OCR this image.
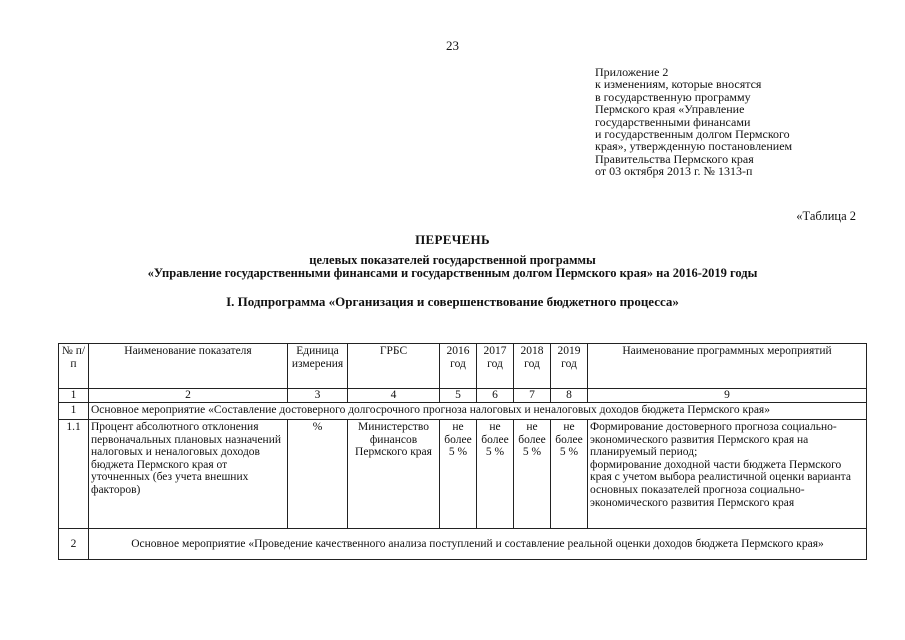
23
Приложение 2
к изменениям, которые вносятся
в государственную программу
Пермского края «Управление
государственными финансами
и государственным долгом Пермского
края», утвержденную постановлением
Правительства Пермского края
от 03 октября 2013 г. № 1313-п
«Таблица 2
ПЕРЕЧЕНЬ
целевых показателей государственной программы
«Управление государственными финансами и государственным долгом Пермского края» на 2016-2019 годы
I. Подпрограмма «Организация и совершенствование бюджетного процесса»
№ п/п	Наименование показателя	Единица измерения	ГРБС	2016 год	2017 год	2018 год	2019 год	Наименование программных мероприятий
1	2	3	4	5	6	7	8	9
1	Основное мероприятие «Составление достоверного долгосрочного прогноза налоговых и неналоговых доходов бюджета Пермского края»							
1.1	Процент абсолютного отклонения первоначальных плановых назначений налоговых и неналоговых доходов бюджета Пермского края от уточненных (без учета внешних факторов)	%	Министерство финансов Пермского края	не более 5 %	не более 5 %	не более 5 %	не более 5 %	Формирование достоверного прогноза социально-экономического развития Пермского края на планируемый период;

формирование доходной части бюджета Пермского края с учетом выбора реалистичной оценки варианта основных показателей прогноза социально-экономического развития Пермского края

2	Основное мероприятие «Проведение качественного анализа поступлений и составление реальной оценки доходов бюджета Пермского края»							
